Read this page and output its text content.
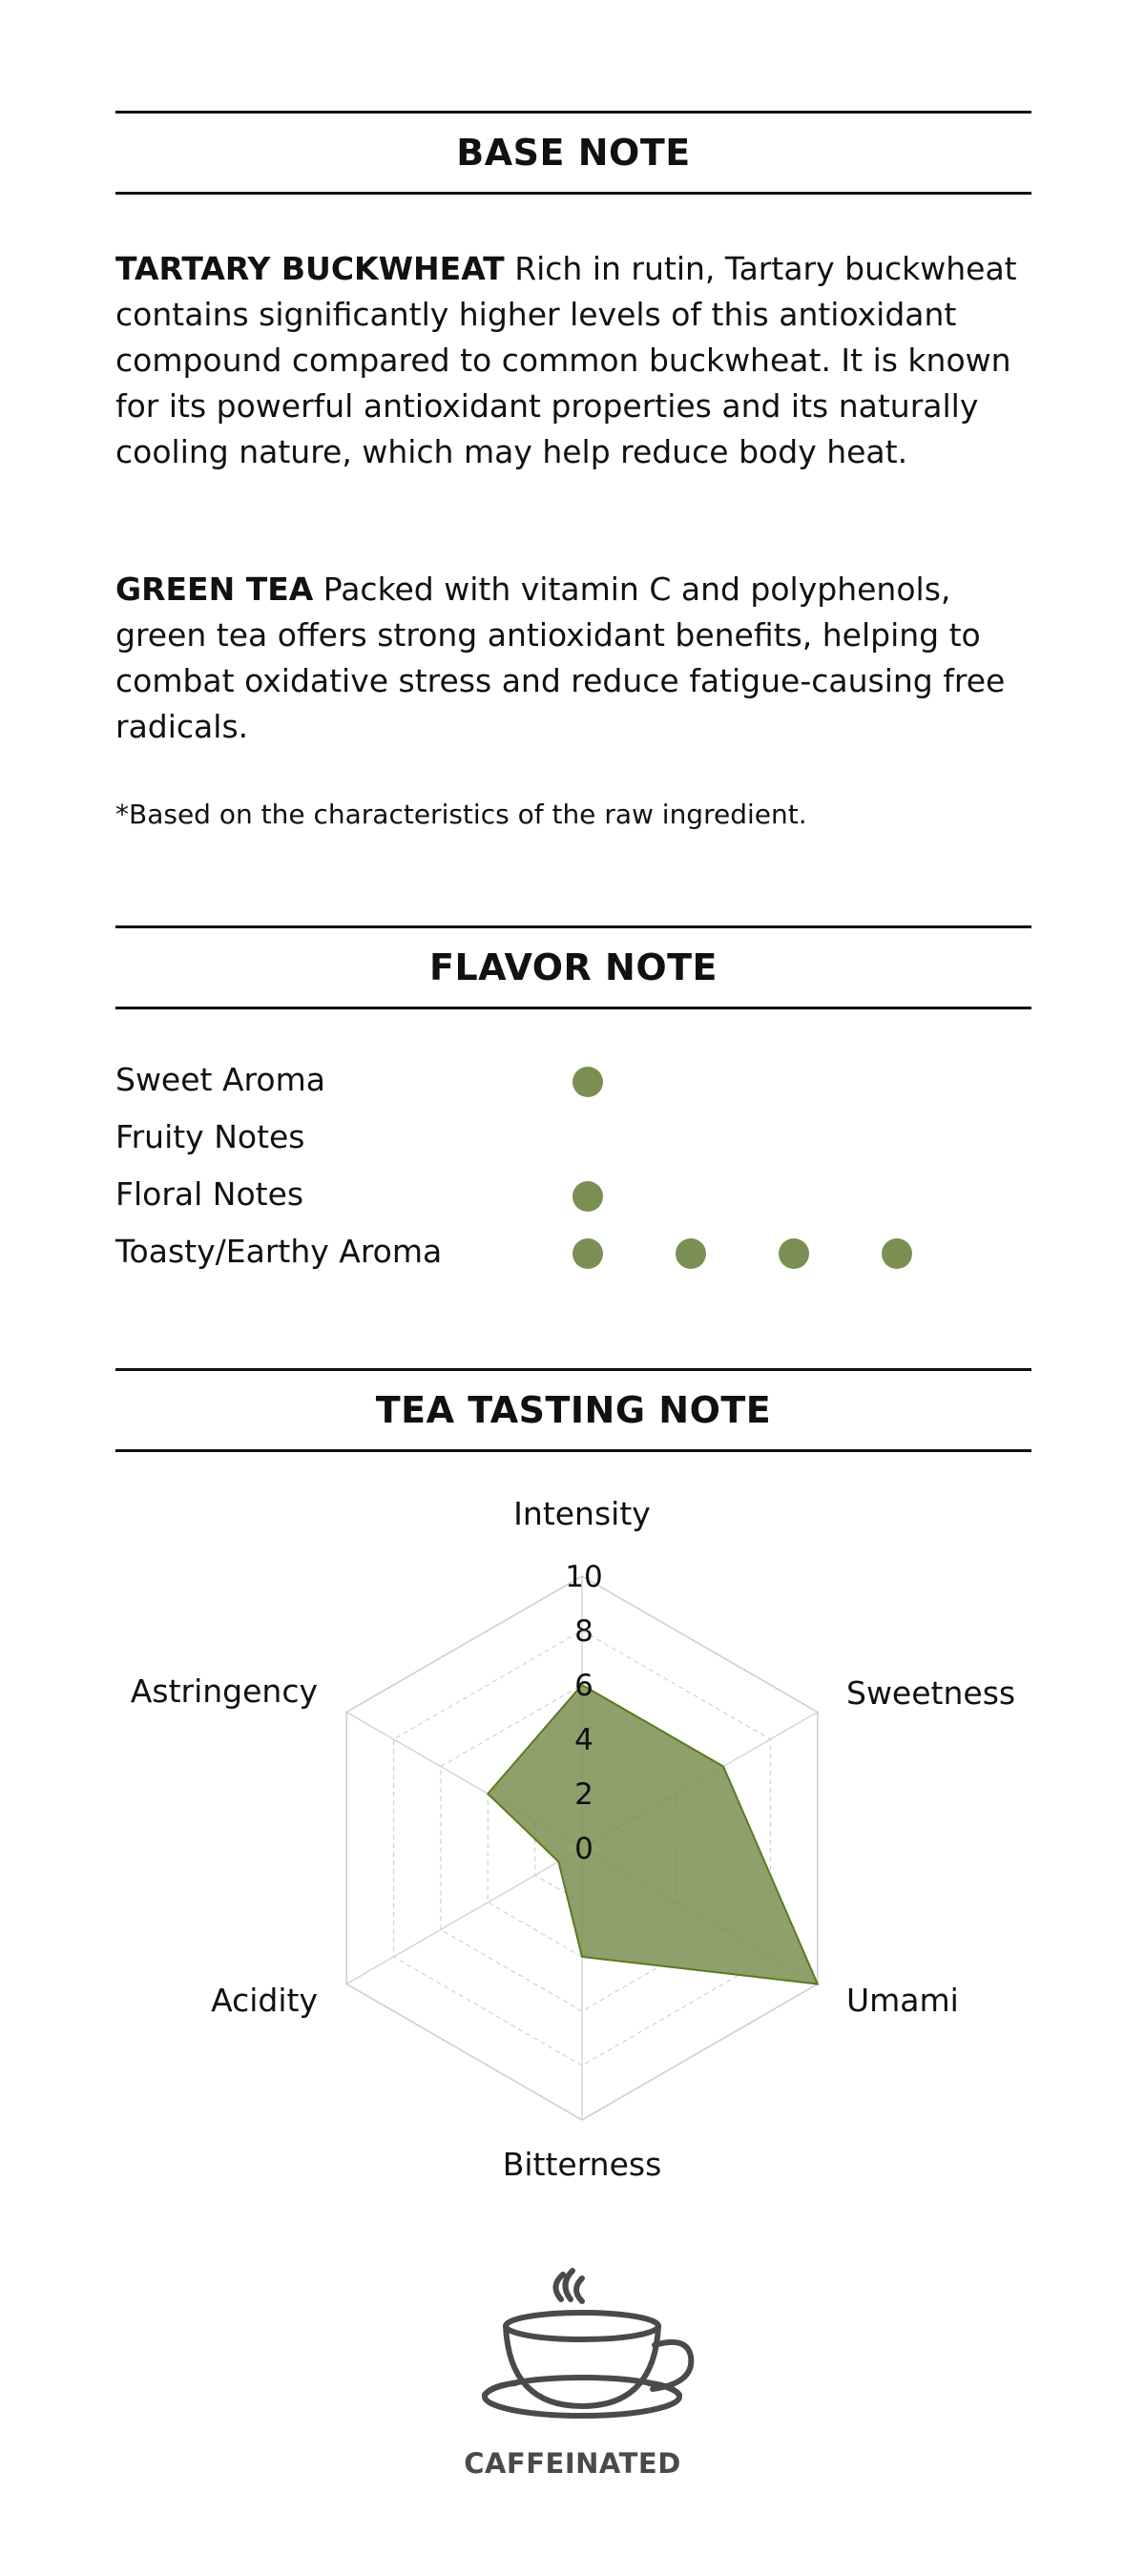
BASE NOTE

TARTARY BUCKWHEAT Rich in rutin, Tartary buckwheat contains significantly higher levels of this antioxidant compound compared to common buckwheat. It is known for its powerful antioxidant properties and its naturally cooling nature, which may help reduce body heat.

GREEN TEA Packed with vitamin C and polyphenols, green tea offers strong antioxidant benefits, helping to combat oxidative stress and reduce fatigue-causing free radicals.

*Based on the characteristics of the raw ingredient.
FLAVOR NOTE
Sweet Aroma
Fruity Notes
Floral Notes
Toasty/Earthy Aroma
TEA TASTING NOTE
0
2
4
6
8
10
Intensity
Sweetness
Umami
Bitterness
Acidity
Astringency
CAFFEINATED
